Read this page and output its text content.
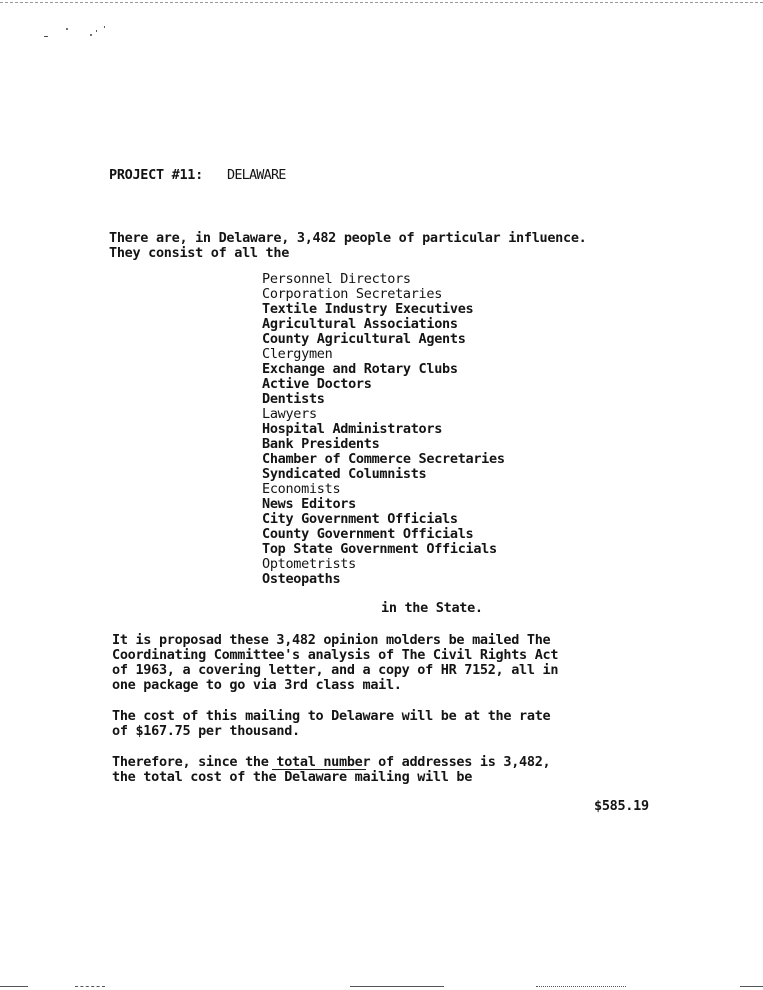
PROJECT #11: DELAWARE

There are, in Delaware, 3,482 people of particular influence.

They consist of all the

Personnel Directors
Corporation Secretaries
Textile Industry Executives
Agricultural Associations
County Agricultural Agents
Clergymen
Exchange and Rotary Clubs
Active Doctors
Dentists
Lawyers
Hospital Administrators
Bank Presidents
Chamber of Commerce Secretaries
Syndicated Columnists
Economists
News Editors
City Government Officials
County Government Officials
Top State Government Officials
Optometrists
Osteopaths

in the State.

It is proposad these 3,482 opinion molders be mailed The
Coordinating Committee's analysis of The Civil Rights Act
of 1963, a covering letter, and a copy of HR 7152, all in
one package to go via 3rd class mail.
The cost of this mailing to Delaware will be at the rate
of $167.75 per thousand.
Therefore, since the total number of addresses is 3,482,
the total cost of the Delaware mailing will be

$585.19
